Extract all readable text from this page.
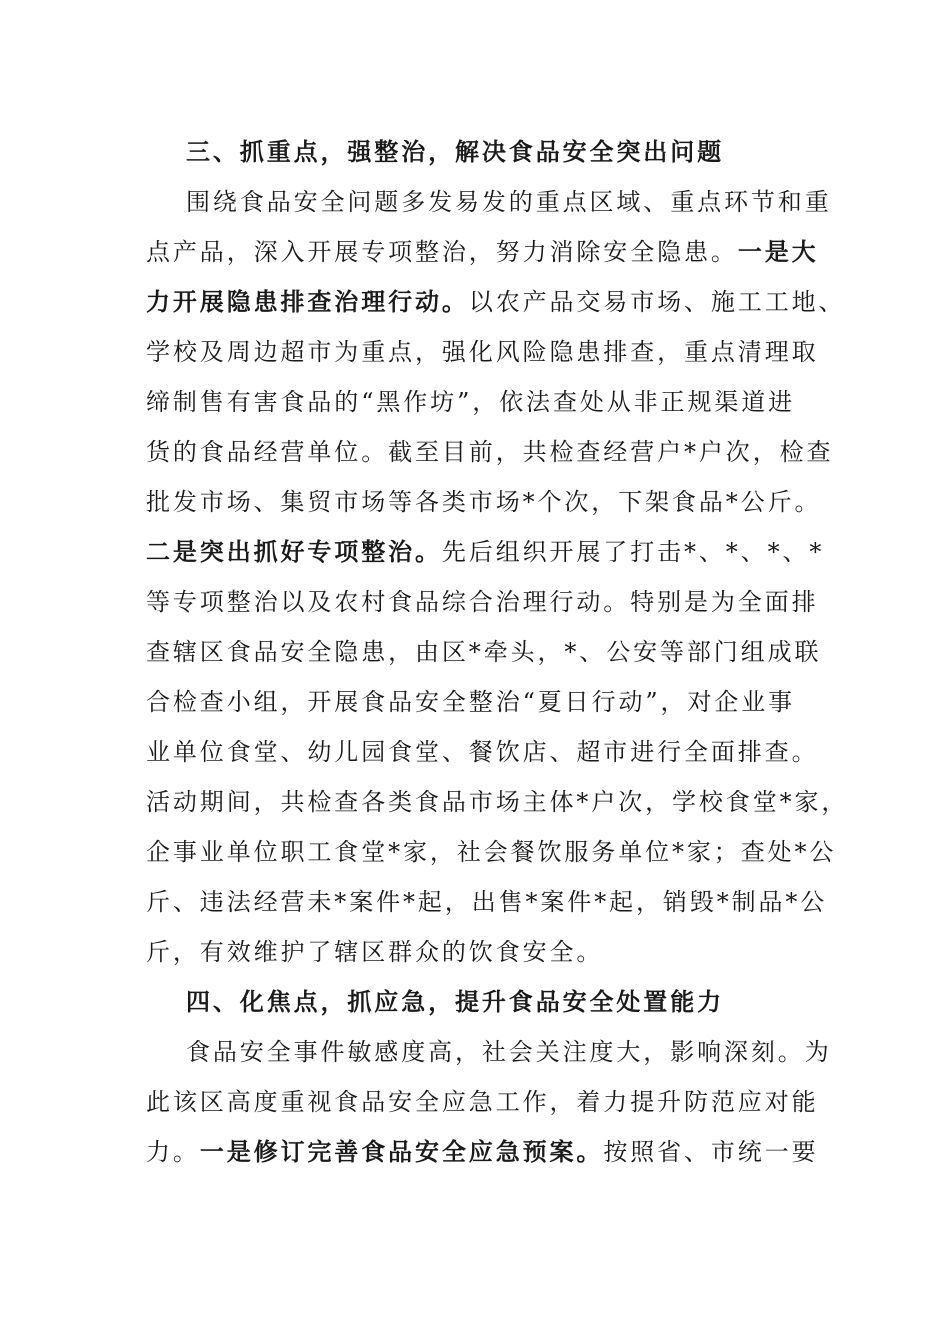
三、抓重点，强整治，解决食品安全突出问题
围绕食品安全问题多发易发的重点区域、重点环节和重
点产品，深入开展专项整治，努力消除安全隐患。一是大
力开展隐患排查治理行动。以农产品交易市场、施工工地、
学校及周边超市为重点，强化风险隐患排查，重点清理取
缔制售有害食品的“黑作坊”，依法查处从非正规渠道进
货的食品经营单位。截至目前，共检查经营户*户次，检查
批发市场、集贸市场等各类市场*个次，下架食品*公斤。
二是突出抓好专项整治。先后组织开展了打击*、*、*、*
等专项整治以及农村食品综合治理行动。特别是为全面排
查辖区食品安全隐患，由区*牵头，*、公安等部门组成联
合检查小组，开展食品安全整治“夏日行动”，对企业事
业单位食堂、幼儿园食堂、餐饮店、超市进行全面排查。
活动期间，共检查各类食品市场主体*户次，学校食堂*家，
企事业单位职工食堂*家，社会餐饮服务单位*家；查处*公
斤、违法经营未*案件*起，出售*案件*起，销毁*制品*公
斤，有效维护了辖区群众的饮食安全。
四、化焦点，抓应急，提升食品安全处置能力
食品安全事件敏感度高，社会关注度大，影响深刻。为
此该区高度重视食品安全应急工作，着力提升防范应对能
力。一是修订完善食品安全应急预案。按照省、市统一要
